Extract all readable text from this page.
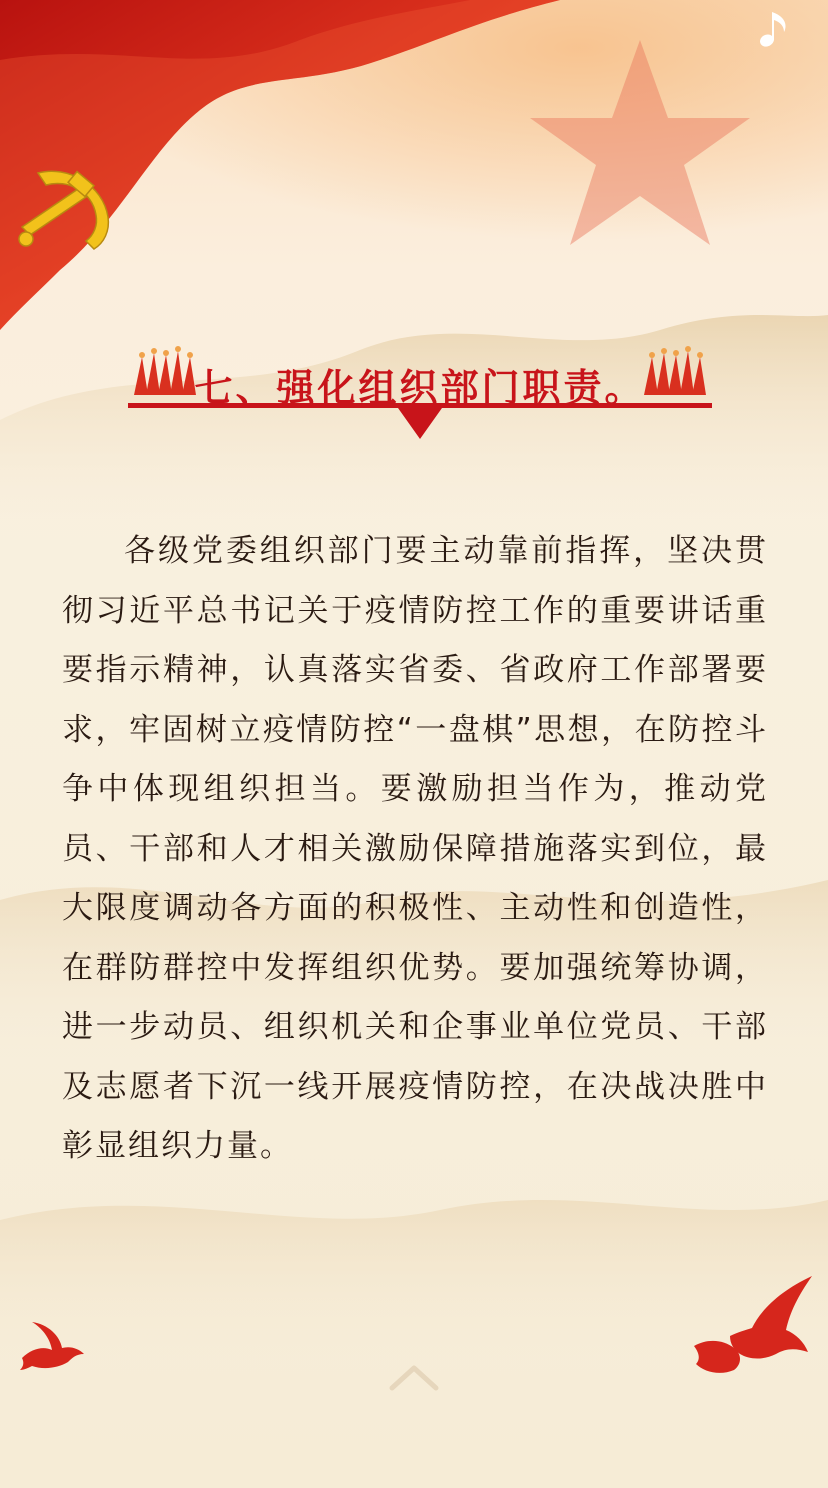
七、强化组织部门职责。
各级党委组织部门要主动靠前指挥，坚决贯彻习近平总书记关于疫情防控工作的重要讲话重要指示精神，认真落实省委、省政府工作部署要求，牢固树立疫情防控“一盘棋”思想，在防控斗争中体现组织担当。要激励担当作为，推动党员、干部和人才相关激励保障措施落实到位，最大限度调动各方面的积极性、主动性和创造性，在群防群控中发挥组织优势。要加强统筹协调，进一步动员、组织机关和企事业单位党员、干部及志愿者下沉一线开展疫情防控，在决战决胜中彰显组织力量。
